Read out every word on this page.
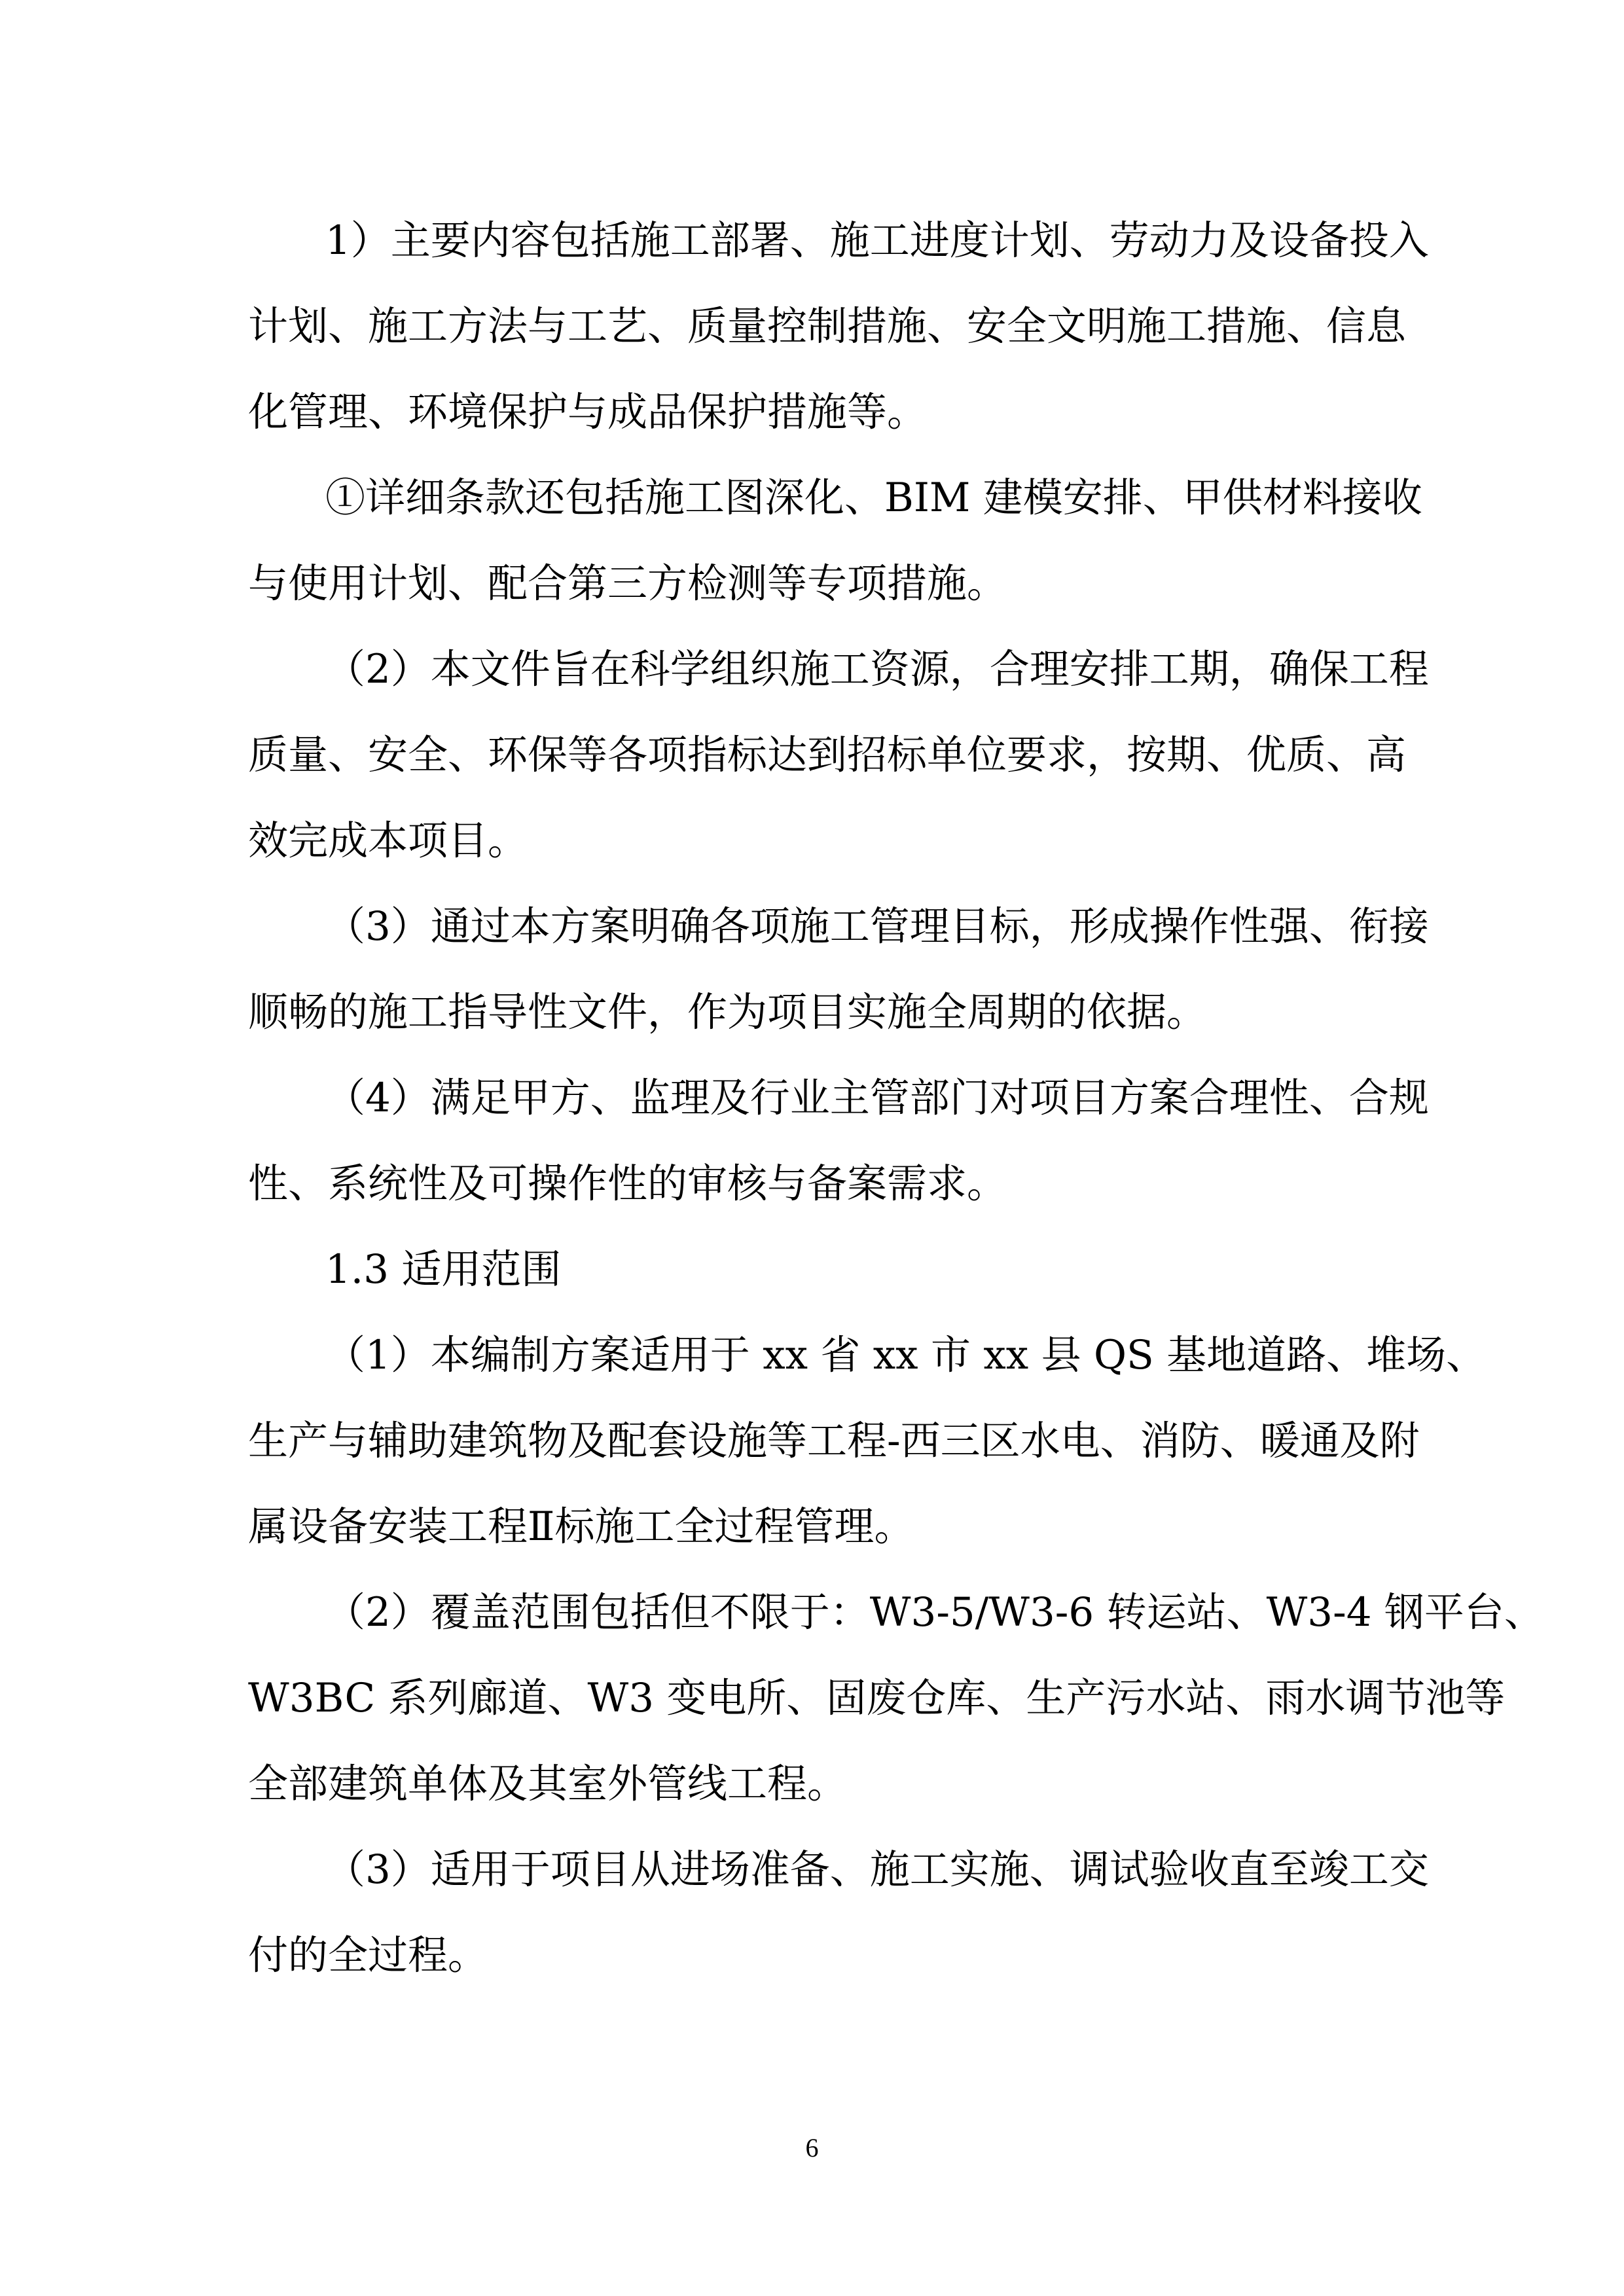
1）主要内容包括施工部署、施工进度计划、劳动力及设备投入
计划、施工方法与工艺、质量控制措施、安全文明施工措施、信息
化管理、环境保护与成品保护措施等。
①详细条款还包括施工图深化、BIM 建模安排、甲供材料接收
与使用计划、配合第三方检测等专项措施。
（2）本文件旨在科学组织施工资源，合理安排工期，确保工程
质量、安全、环保等各项指标达到招标单位要求，按期、优质、高
效完成本项目。
（3）通过本方案明确各项施工管理目标，形成操作性强、衔接
顺畅的施工指导性文件，作为项目实施全周期的依据。
（4）满足甲方、监理及行业主管部门对项目方案合理性、合规
性、系统性及可操作性的审核与备案需求。
1.3 适用范围
（1）本编制方案适用于 xx 省 xx 市 xx 县 QS 基地道路、堆场、
生产与辅助建筑物及配套设施等工程-西三区水电、消防、暖通及附
属设备安装工程Ⅱ标施工全过程管理。
（2）覆盖范围包括但不限于：W3-5/W3-6 转运站、W3-4 钢平台、
W3BC 系列廊道、W3 变电所、固废仓库、生产污水站、雨水调节池等
全部建筑单体及其室外管线工程。
（3）适用于项目从进场准备、施工实施、调试验收直至竣工交
付的全过程。
6
